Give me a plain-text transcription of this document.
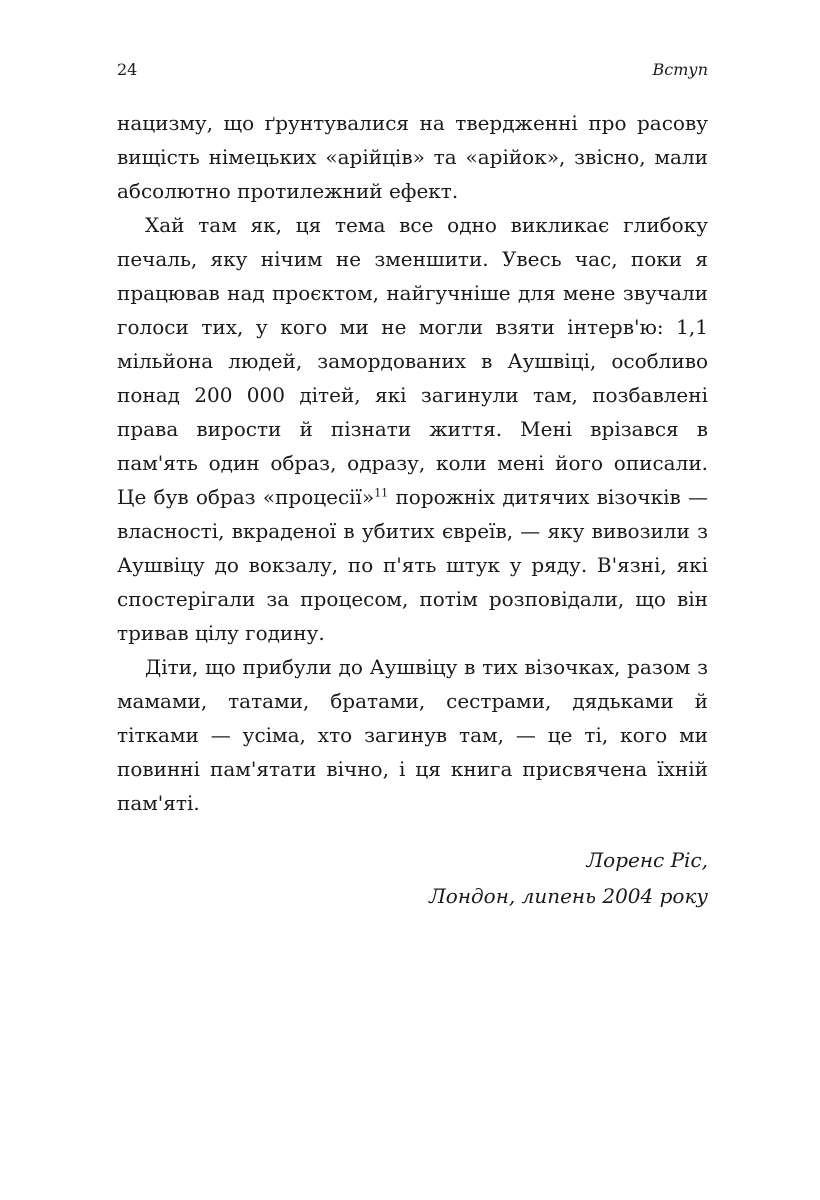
24	Вступ

нацизму, що ґрунтувалися на твердженні про расову вищість німецьких «арійців» та «арійок», звісно, мали абсолютно протилежний ефект.

Хай там як, ця тема все одно викликає глибоку печаль, яку нічим не зменшити. Увесь час, поки я працював над проєктом, найгучніше для мене звучали голоси тих, у кого ми не могли взяти інтерв'ю: 1,1 мільйона людей, замордованих в Аушвіці, особливо понад 200 000 дітей, які загинули там, позбавлені права вирости й пізнати життя. Мені врізався в пам'ять один образ, одразу, коли мені його описали. Це був образ «процесії»$^{11}$ порожніх дитячих візочків — власності, вкраденої в убитих євреїв, — яку вивозили з Аушвіцу до вокзалу, по п'ять штук у ряду. В'язні, які спостерігали за процесом, потім розповідали, що він тривав цілу годину.

Діти, що прибули до Аушвіцу в тих візочках, разом з мамами, татами, братами, сестрами, дядьками й тітками — усіма, хто загинув там, — це ті, кого ми повинні пам'ятати вічно, і ця книга присвячена їхній пам'яті.

Лоренс Ріс,
Лондон, липень 2004 року
